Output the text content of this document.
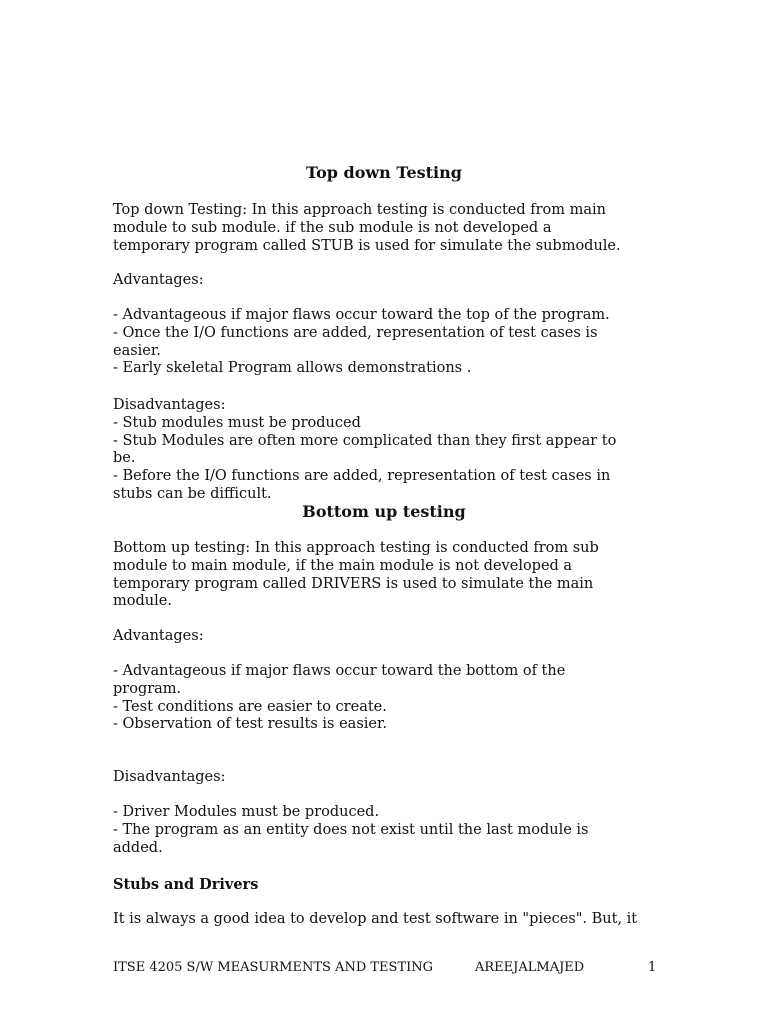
Top down Testing

Top down Testing: In this approach testing is conducted from main
module to sub module. if the sub module is not developed a
temporary program called STUB is used for simulate the submodule.

Advantages:

- Advantageous if major flaws occur toward the top of the program.
- Once the I/O functions are added, representation of test cases is
easier.
- Early skeletal Program allows demonstrations .

Disadvantages:
- Stub modules must be produced
- Stub Modules are often more complicated than they first appear to
be.
- Before the I/O functions are added, representation of test cases in
stubs can be difficult.

Bottom up testing

Bottom up testing: In this approach testing is conducted from sub
module to main module, if the main module is not developed a
temporary program called DRIVERS is used to simulate the main
module.

Advantages:

- Advantageous if major flaws occur toward the bottom of the
program.
- Test conditions are easier to create.
- Observation of test results is easier.

Disadvantages:

- Driver Modules must be produced.
- The program as an entity does not exist until the last module is
added.

Stubs and Drivers

It is always a good idea to develop and test software in "pieces". But, it

ITSE 4205 S/W MEASURMENTS AND TESTING	AREEJALMAJED	1
